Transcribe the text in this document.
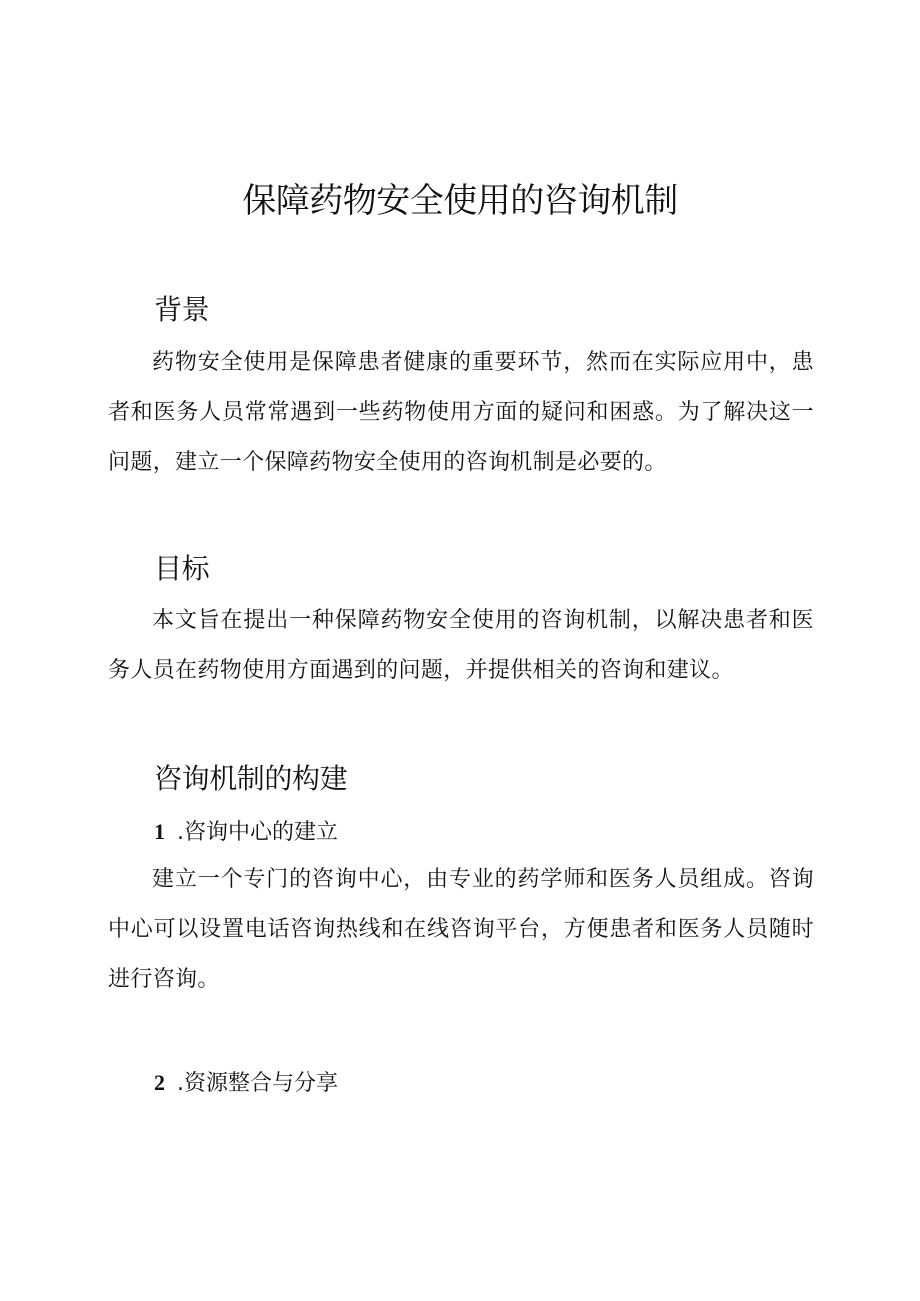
保障药物安全使用的咨询机制
背景

药物安全使用是保障患者健康的重要环节，然而在实际应用中，患者和医务人员常常遇到一些药物使用方面的疑问和困惑。为了解决这一问题，建立一个保障药物安全使用的咨询机制是必要的。

目标

本文旨在提出一种保障药物安全使用的咨询机制，以解决患者和医务人员在药物使用方面遇到的问题，并提供相关的咨询和建议。

咨询机制的构建
1 .咨询中心的建立

建立一个专门的咨询中心，由专业的药学师和医务人员组成。咨询中心可以设置电话咨询热线和在线咨询平台，方便患者和医务人员随时进行咨询。

2 .资源整合与分享
